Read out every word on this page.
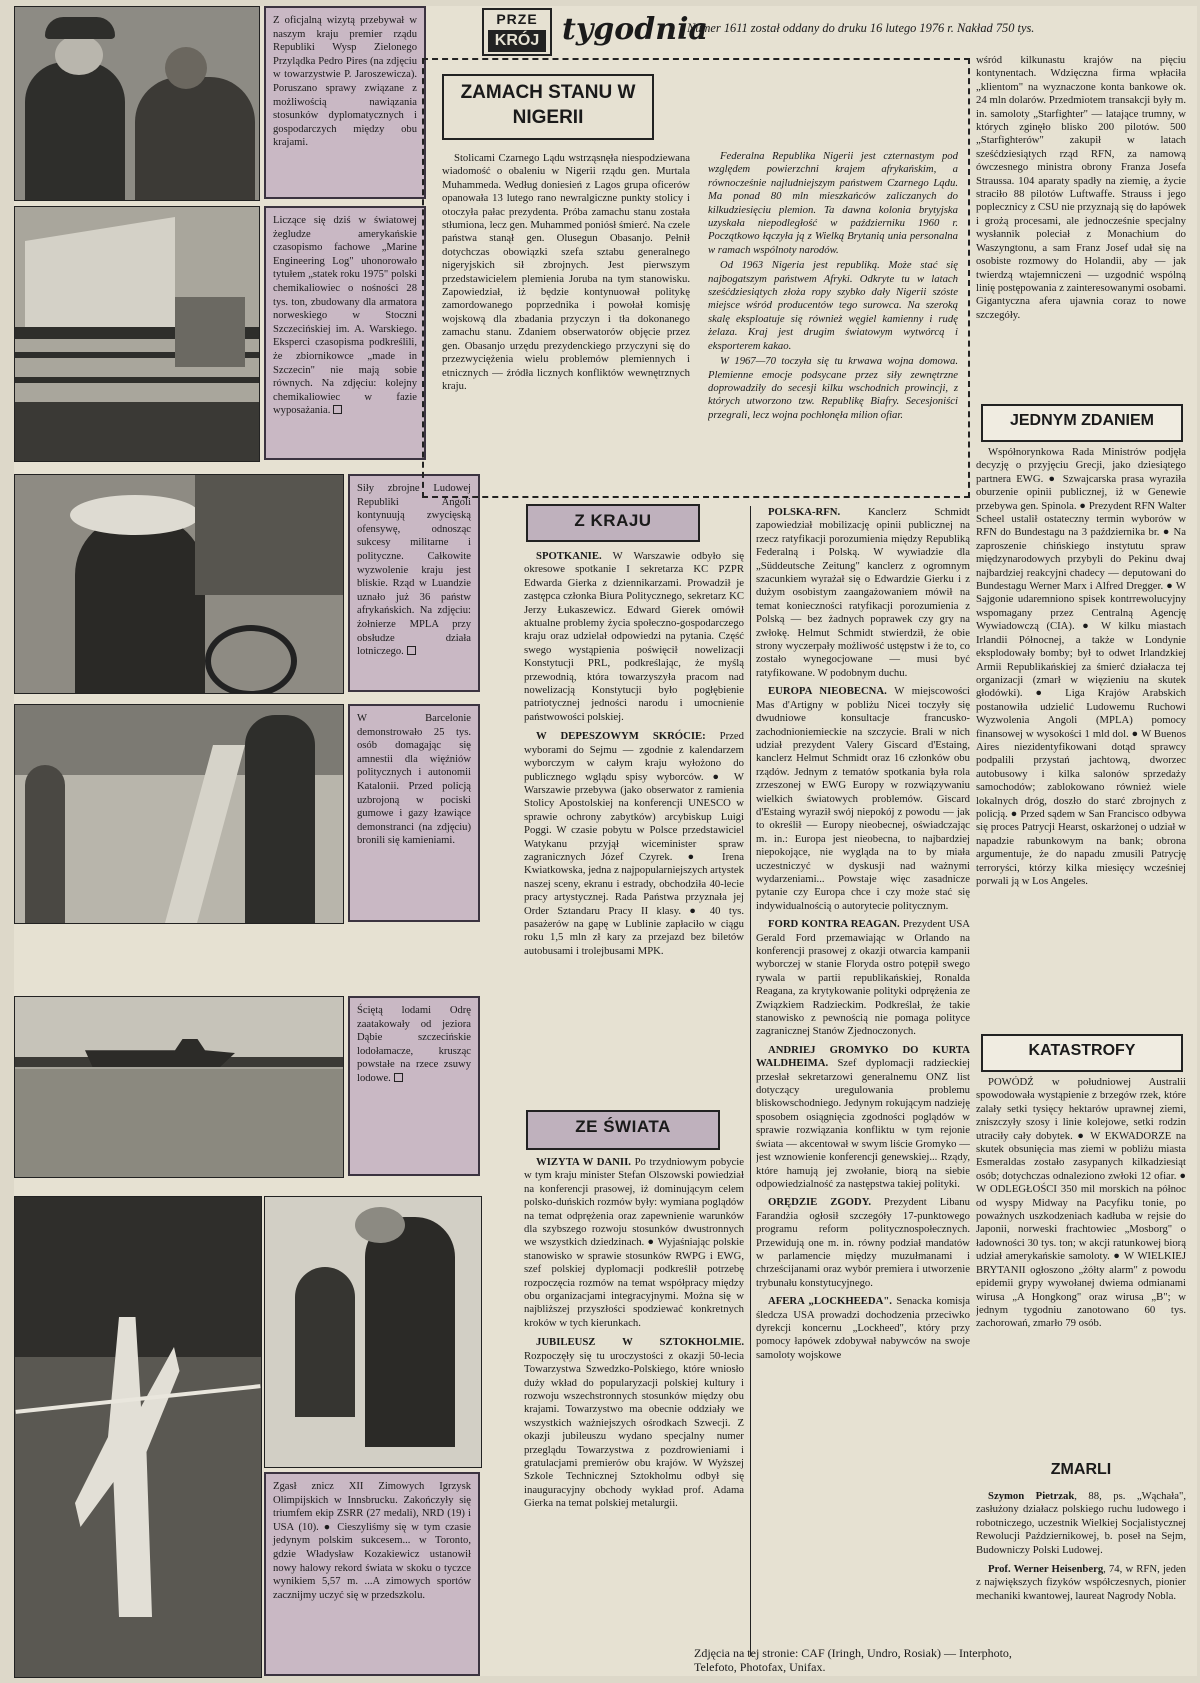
Z oficjalną wizytą przebywał w naszym kraju premier rządu Republiki Wysp Zielonego Przylądka Pedro Pires (na zdjęciu w towarzystwie P. Jaroszewicza). Poruszano sprawy związane z możliwością nawiązania stosunków dyplomatycznych i gospodarczych między obu krajami.
Liczące się dziś w światowej żegludze amerykańskie czasopismo fachowe „Marine Engineering Log" uhonorowało tytułem „statek roku 1975" polski chemikaliowiec o nośności 28 tys. ton, zbudowany dla armatora norweskiego w Stoczni Szczecińskiej im. A. Warskiego. Eksperci czasopisma podkreślili, że zbiornikowce „made in Szczecin" nie mają sobie równych. Na zdjęciu: kolejny chemikaliowiec w fazie wyposażania.
Siły zbrojne Ludowej Republiki Angoli kontynuują zwycięską ofensywę, odnosząc sukcesy militarne i polityczne. Całkowite wyzwolenie kraju jest bliskie. Rząd w Luandzie uznało już 36 państw afrykańskich. Na zdjęciu: żołnierze MPLA przy obsłudze działa lotniczego.
W Barcelonie demonstrowało 25 tys. osób domagając się amnestii dla więźniów politycznych i autonomii Katalonii. Przed policją uzbrojoną w pociski gumowe i gazy łzawiące demonstranci (na zdjęciu) bronili się kamieniami.
Ściętą lodami Odrę zaatakowały od jeziora Dąbie szczecińskie lodołamacze, krusząc powstałe na rzece zsuwy lodowe.
Zgasł znicz XII Zimowych Igrzysk Olimpijskich w Innsbrucku. Zakończyły się triumfem ekip ZSRR (27 medali), NRD (19) i USA (10). ● Cieszyliśmy się w tym czasie jedynym polskim sukcesem... w Toronto, gdzie Władysław Kozakiewicz ustanowił nowy halowy rekord świata w skoku o tyczce wynikiem 5,57 m. ...A zimowych sportów zacznijmy uczyć się w przedszkolu.
PRZE
KRÓJ tygodnia
Numer 1611 został oddany do druku 16 lutego 1976 r. Nakład 750 tys.
ZAMACH STANU W NIGERII

Stolicami Czarnego Lądu wstrząsnęła niespodziewana wiadomość o obaleniu w Nigerii rządu gen. Murtala Muhammeda. Według doniesień z Lagos grupa oficerów opanowała 13 lutego rano newralgiczne punkty stolicy i otoczyła pałac prezydenta. Próba zamachu stanu została stłumiona, lecz gen. Muhammed poniósł śmierć. Na czele państwa stanął gen. Olusegun Obasanjo. Pełnił dotychczas obowiązki szefa sztabu generalnego nigeryjskich sił zbrojnych. Jest pierwszym przedstawicielem plemienia Joruba na tym stanowisku. Zapowiedział, iż będzie kontynuował politykę zamordowanego poprzednika i powołał komisję wojskową dla zbadania przyczyn i tła dokonanego zamachu stanu. Zdaniem obserwatorów objęcie przez gen. Obasanjo urzędu prezydenckiego przyczyni się do przezwyciężenia wielu problemów plemiennych i etnicznych — źródła licznych konfliktów wewnętrznych kraju.

Federalna Republika Nigerii jest czternastym pod względem powierzchni krajem afrykańskim, a równocześnie najludniejszym państwem Czarnego Lądu. Ma ponad 80 mln mieszkańców zaliczanych do kilkudziesięciu plemion. Ta dawna kolonia brytyjska uzyskała niepodległość w październiku 1960 r. Początkowo łączyła ją z Wielką Brytanią unia personalna w ramach wspólnoty narodów.

Od 1963 Nigeria jest republiką. Może stać się najbogatszym państwem Afryki. Odkryte tu w latach sześćdziesiątych złoża ropy szybko dały Nigerii szóste miejsce wśród producentów tego surowca. Na szeroką skalę eksploatuje się również węgiel kamienny i rudę żelaza. Kraj jest drugim światowym wytwórcą i eksporterem kakao.

W 1967—70 toczyła się tu krwawa wojna domowa. Plemienne emocje podsycane przez siły zewnętrzne doprowadziły do secesji kilku wschodnich prowincji, z których utworzono tzw. Republikę Biafry. Secesjoniści przegrali, lecz wojna pochłonęła milion ofiar.

Z KRAJU

SPOTKANIE. W Warszawie odbyło się okresowe spotkanie I sekretarza KC PZPR Edwarda Gierka z dziennikarzami. Prowadził je zastępca członka Biura Politycznego, sekretarz KC Jerzy Łukaszewicz. Edward Gierek omówił aktualne problemy życia społeczno-gospodarczego kraju oraz udzielał odpowiedzi na pytania. Część swego wystąpienia poświęcił nowelizacji Konstytucji PRL, podkreślając, że myślą przewodnią, która towarzyszyła pracom nad nowelizacją Konstytucji było pogłębienie patriotycznej jedności narodu i umocnienie państwowości polskiej.

W DEPESZOWYM SKRÓCIE: Przed wyborami do Sejmu — zgodnie z kalendarzem wyborczym w całym kraju wyłożono do publicznego wglądu spisy wyborców. ● W Warszawie przebywa (jako obserwator z ramienia Stolicy Apostolskiej na konferencji UNESCO w sprawie ochrony zabytków) arcybiskup Luigi Poggi. W czasie pobytu w Polsce przedstawiciel Watykanu przyjął wiceminister spraw zagranicznych Józef Czyrek. ● Irena Kwiatkowska, jedna z najpopularniejszych artystek naszej sceny, ekranu i estrady, obchodziła 40-lecie pracy artystycznej. Rada Państwa przyznała jej Order Sztandaru Pracy II klasy. ● 40 tys. pasażerów na gapę w Lublinie zapłaciło w ciągu roku 1,5 mln zł kary za przejazd bez biletów autobusami i trolejbusami MPK.

ZE ŚWIATA

WIZYTA W DANII. Po trzydniowym pobycie w tym kraju minister Stefan Olszowski powiedział na konferencji prasowej, iż dominującym celem polsko-duńskich rozmów były: wymiana poglądów na temat odprężenia oraz zapewnienie warunków dla szybszego rozwoju stosunków dwustronnych we wszystkich dziedzinach. ● Wyjaśniając polskie stanowisko w sprawie stosunków RWPG i EWG, szef polskiej dyplomacji podkreślił potrzebę rozpoczęcia rozmów na temat współpracy między obu organizacjami integracyjnymi. Można się w najbliższej przyszłości spodziewać konkretnych kroków w tych kierunkach.

JUBILEUSZ W SZTOKHOLMIE. Rozpoczęły się tu uroczystości z okazji 50-lecia Towarzystwa Szwedzko-Polskiego, które wniosło duży wkład do popularyzacji polskiej kultury i rozwoju wszechstronnych stosunków między obu krajami. Towarzystwo ma obecnie oddziały we wszystkich ważniejszych ośrodkach Szwecji. Z okazji jubileuszu wydano specjalny numer przeglądu Towarzystwa z pozdrowieniami i gratulacjami premierów obu krajów. W Wyższej Szkole Technicznej Sztokholmu odbył się inauguracyjny obchody wykład prof. Adama Gierka na temat polskiej metalurgii.

POLSKA-RFN.	Kanclerz Schmidt zapowiedział mobilizację opinii publicznej na rzecz ratyfikacji porozumienia między Republiką Federalną i Polską. W wywiadzie dla „Süddeutsche Zeitung" kanclerz z ogromnym szacunkiem wyrażał się o Edwardzie Gierku i z dużym osobistym zaangażowaniem mówił na temat konieczności ratyfikacji porozumienia z Polską — bez żadnych poprawek czy gry na zwłokę. Helmut Schmidt stwierdził, że obie strony wyczerpały możliwość ustępstw i że to, co zostało wynegocjowane — musi być ratyfikowane. W podobnym duchu.

EUROPA NIEOBECNA. W miejscowości Mas d'Artigny w pobliżu Nicei toczyły się dwudniowe konsultacje francusko-zachodnioniemieckie na szczycie. Brali w nich udział prezydent Valery Giscard d'Estaing, kanclerz Helmut Schmidt oraz 16 członków obu rządów. Jednym z tematów spotkania była rola zrzeszonej w EWG Europy w rozwiązywaniu wielkich światowych problemów. Giscard d'Estaing wyraził swój niepokój z powodu — jak to określił — Europy nieobecnej, oświadczając m. in.: Europa jest nieobecna, to najbardziej niepokojące, nie wygląda na to by miała uczestniczyć w dyskusji nad ważnymi wydarzeniami... Powstaje więc zasadnicze pytanie czy Europa chce i czy może stać się indywidualnością o autorytecie politycznym.

FORD KONTRA REAGAN. Prezydent USA Gerald Ford przemawiając w Orlando na konferencji prasowej z okazji otwarcia kampanii wyborczej w stanie Floryda ostro potępił swego rywala w partii republikańskiej, Ronalda Reagana, za krytykowanie polityki odprężenia ze Związkiem Radzieckim. Podkreślał, że takie stanowisko z pewnością nie pomaga polityce zagranicznej Stanów Zjednoczonych.

ANDRIEJ GROMYKO DO KURTA WALDHEIMA. Szef dyplomacji radzieckiej przesłał sekretarzowi generalnemu ONZ list dotyczący uregulowania problemu bliskowschodniego. Jedynym rokującym nadzieję sposobem osiągnięcia zgodności poglądów w sprawie rozwiązania konfliktu w tym rejonie świata — akcentował w swym liście Gromyko — jest wznowienie konferencji genewskiej... Rządy, które hamują jej zwołanie, biorą na siebie odpowiedzialność za następstwa takiej polityki.

ORĘDZIE ZGODY. Prezydent Libanu Farandżia ogłosił szczegóły 17-punktowego programu reform politycznospołecznych. Przewidują one m. in. równy podział mandatów w parlamencie między muzułmanami i chrześcijanami oraz wybór premiera i utworzenie trybunału konstytucyjnego.

AFERA „LOCKHEEDA". Senacka komisja śledcza USA prowadzi dochodzenia przeciwko dyrekcji koncernu „Lockheed", który przy pomocy łapówek zdobywał nabywców na swoje samoloty wojskowe

wśród kilkunastu krajów na pięciu kontynentach. Wdzięczna firma wpłaciła „klientom" na wyznaczone konta bankowe ok. 24 mln dolarów. Przedmiotem transakcji były m. in. samoloty „Starfighter" — latające trumny, w których zginęło blisko 200 pilotów. 500 „Starfighterów" zakupił w latach sześćdziesiątych rząd RFN, za namową ówczesnego ministra obrony Franza Josefa Straussa. 104 aparaty spadły na ziemię, a życie straciło 88 pilotów Luftwaffe. Strauss i jego poplecznicy z CSU nie przyznają się do łapówek i grożą procesami, ale jednocześnie specjalny wysłannik poleciał z Monachium do Waszyngtonu, a sam Franz Josef udał się na osobiste rozmowy do Holandii, aby — jak twierdzą wtajemniczeni — uzgodnić wspólną linię postępowania z zainteresowanymi osobami. Gigantyczna afera ujawnia coraz to nowe szczegóły.

JEDNYM ZDANIEM

Współnorynkowa Rada Ministrów podjęła decyzję o przyjęciu Grecji, jako dziesiątego partnera EWG. ● Szwajcarska prasa wyraziła oburzenie opinii publicznej, iż w Genewie przebywa gen. Spinola. ● Prezydent RFN Walter Scheel ustalił ostateczny termin wyborów w RFN do Bundestagu na 3 października br. ● Na zaproszenie chińskiego instytutu spraw międzynarodowych przybyli do Pekinu dwaj najbardziej reakcyjni chadecy — deputowani do Bundestagu Werner Marx i Alfred Dregger. ● W Sajgonie udaremniono spisek kontrrewolucyjny wspomagany przez Centralną Agencję Wywiadowczą (CIA). ● W kilku miastach Irlandii Północnej, a także w Londynie eksplodowały bomby; był to odwet Irlandzkiej Armii Republikańskiej za śmierć działacza tej organizacji (zmarł w więzieniu na skutek głodówki). ● Liga Krajów Arabskich postanowiła udzielić Ludowemu Ruchowi Wyzwolenia Angoli (MPLA) pomocy finansowej w wysokości 1 mld dol. ● W Buenos Aires niezidentyfikowani dotąd sprawcy podpalili przystań jachtową, dworzec autobusowy i kilka salonów sprzedaży samochodów; zablokowano również wiele lokalnych dróg, doszło do starć zbrojnych z policją. ● Przed sądem w San Francisco odbywa się proces Patrycji Hearst, oskarżonej o udział w napadzie rabunkowym na bank; obrona argumentuje, że do napadu zmusili Patrycję terroryści, którzy kilka miesięcy wcześniej porwali ją w Los Angeles.

KATASTROFY

POWÓDŹ w południowej Australii spowodowała wystąpienie z brzegów rzek, które zalały setki tysięcy hektarów uprawnej ziemi, zniszczyły szosy i linie kolejowe, setki rodzin utraciły cały dobytek. ● W EKWADORZE na skutek obsunięcia mas ziemi w pobliżu miasta Esmeraldas zostało zasypanych kilkadziesiąt osób; dotychczas odnaleziono zwłoki 12 ofiar. ● W ODLEGŁOŚCI 350 mil morskich na północ od wyspy Midway na Pacyfiku tonie, po poważnych uszkodzeniach kadłuba w rejsie do Japonii, norweski frachtowiec „Mosborg" o ładowności 30 tys. ton; w akcji ratunkowej biorą udział amerykańskie samoloty. ● W WIELKIEJ BRYTANII ogłoszono „żółty alarm" z powodu epidemii grypy wywołanej dwiema odmianami wirusa „A Hongkong" oraz wirusa „B"; w jednym tygodniu zanotowano 60 tys. zachorowań, zmarło 79 osób.

ZMARLI

Szymon Pietrzak, 88, ps. „Wąchała", zasłużony działacz polskiego ruchu ludowego i robotniczego, uczestnik Wielkiej Socjalistycznej Rewolucji Październikowej, b. poseł na Sejm, Budowniczy Polski Ludowej.

Prof. Werner Heisenberg, 74, w RFN, jeden z największych fizyków współczesnych, pionier mechaniki kwantowej, laureat Nagrody Nobla.

Zdjęcia na tej stronie: CAF (Iringh, Undro, Rosiak) — Interphoto, Telefoto, Photofax, Unifax.
